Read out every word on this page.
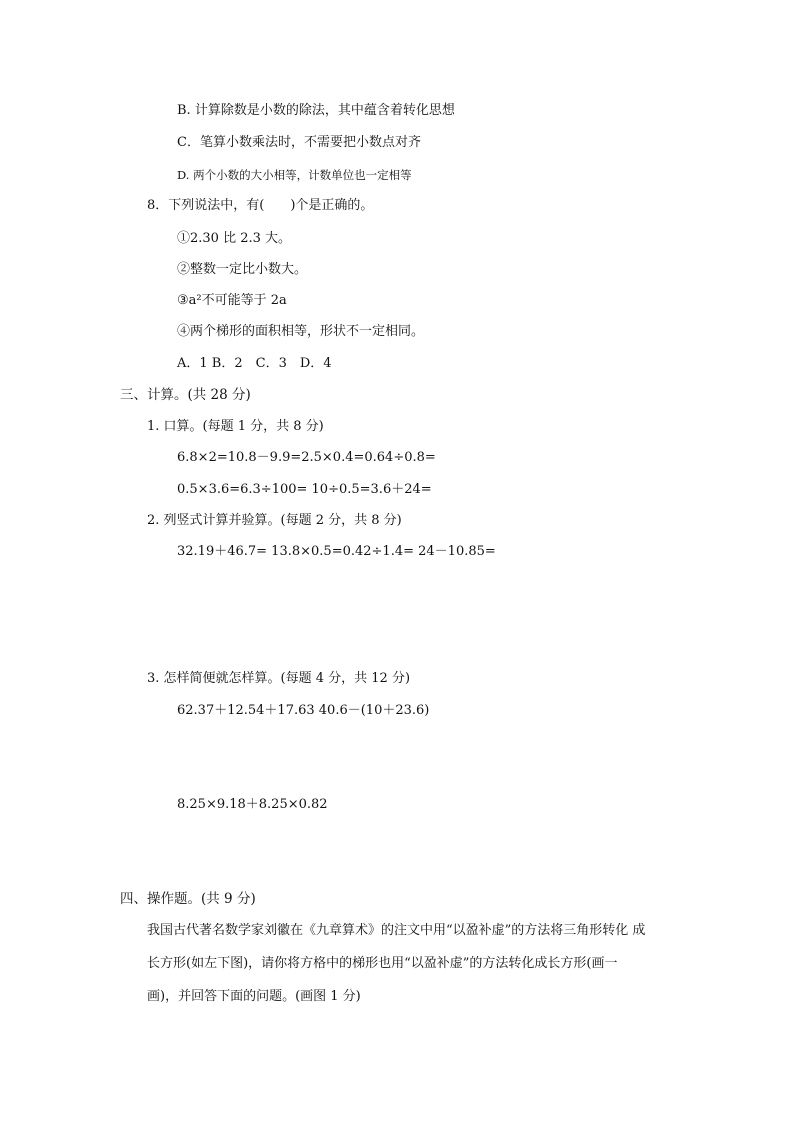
B. 计算除数是小数的除法，其中蕴含着转化思想
C．笔算小数乘法时，不需要把小数点对齐
D. 两个小数的大小相等，计数单位也一定相等
8．下列说法中，有(　　)个是正确的。
①2.30 比 2.3 大。
②整数一定比小数大。
③a²不可能等于 2a
④两个梯形的面积相等，形状不一定相同。
A．1 B．2　C．3　D．4
三、计算。(共 28 分)
1. 口算。(每题 1 分，共 8 分)
6.8×2=10.8－9.9=2.5×0.4=0.64÷0.8=
0.5×3.6=6.3÷100= 10÷0.5=3.6＋24=
2. 列竖式计算并验算。(每题 2 分，共 8 分)
32.19＋46.7= 13.8×0.5=0.42÷1.4= 24－10.85=
3. 怎样简便就怎样算。(每题 4 分，共 12 分)
62.37＋12.54＋17.63 40.6－(10＋23.6)
8.25×9.18＋8.25×0.82
四、操作题。(共 9 分)
我国古代著名数学家刘徽在《九章算术》的注文中用“以盈补虚”的方法将三角形转化 成
长方形(如左下图)，请你将方格中的梯形也用“以盈补虚”的方法转化成长方形(画一
画)，并回答下面的问题。(画图 1 分)
